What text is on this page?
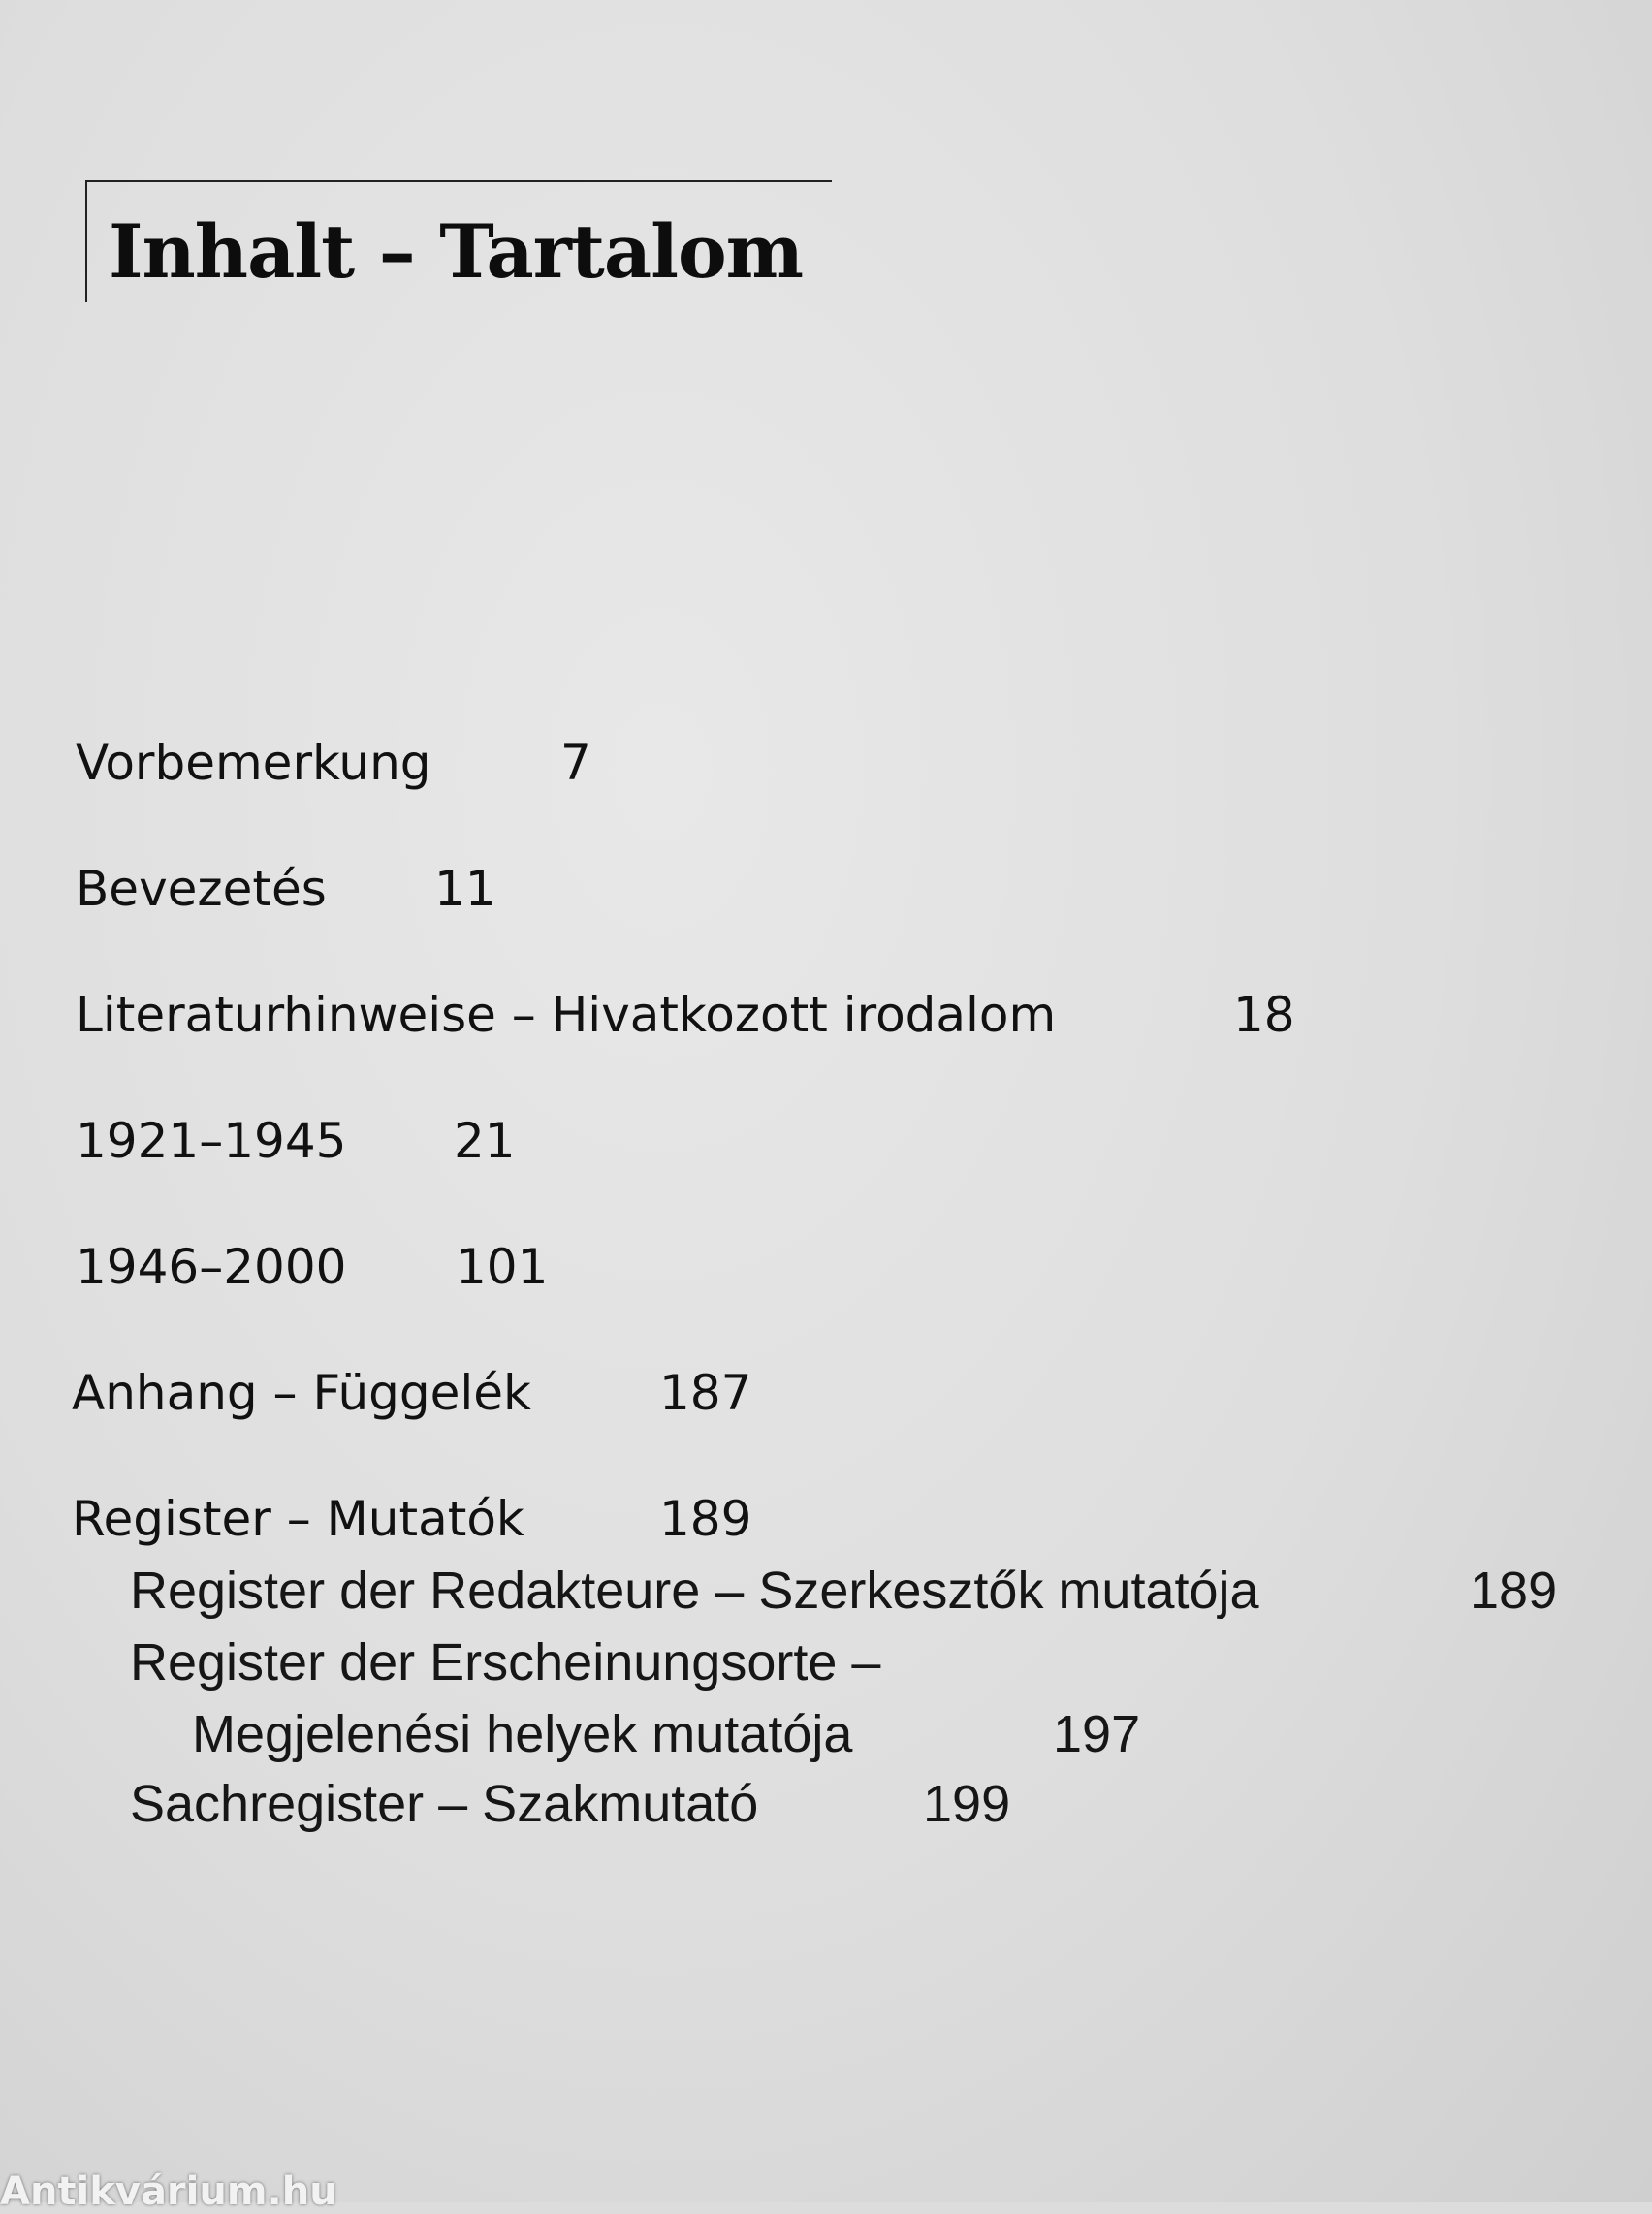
Inhalt – Tartalom
Vorbemerkung	7
Bevezetés 11
Literaturhinweise – Hivatkozott irodalom	18
1921–1945 21
1946–2000 101
Anhang – Függelék	187
Register – Mutatók	189
Register der Redakteure – Szerkesztők mutatója	189
Register der Erscheinungsorte –
Megjelenési helyek mutatója	197
Sachregister – Szakmutató	199
Antikvárium.hu
